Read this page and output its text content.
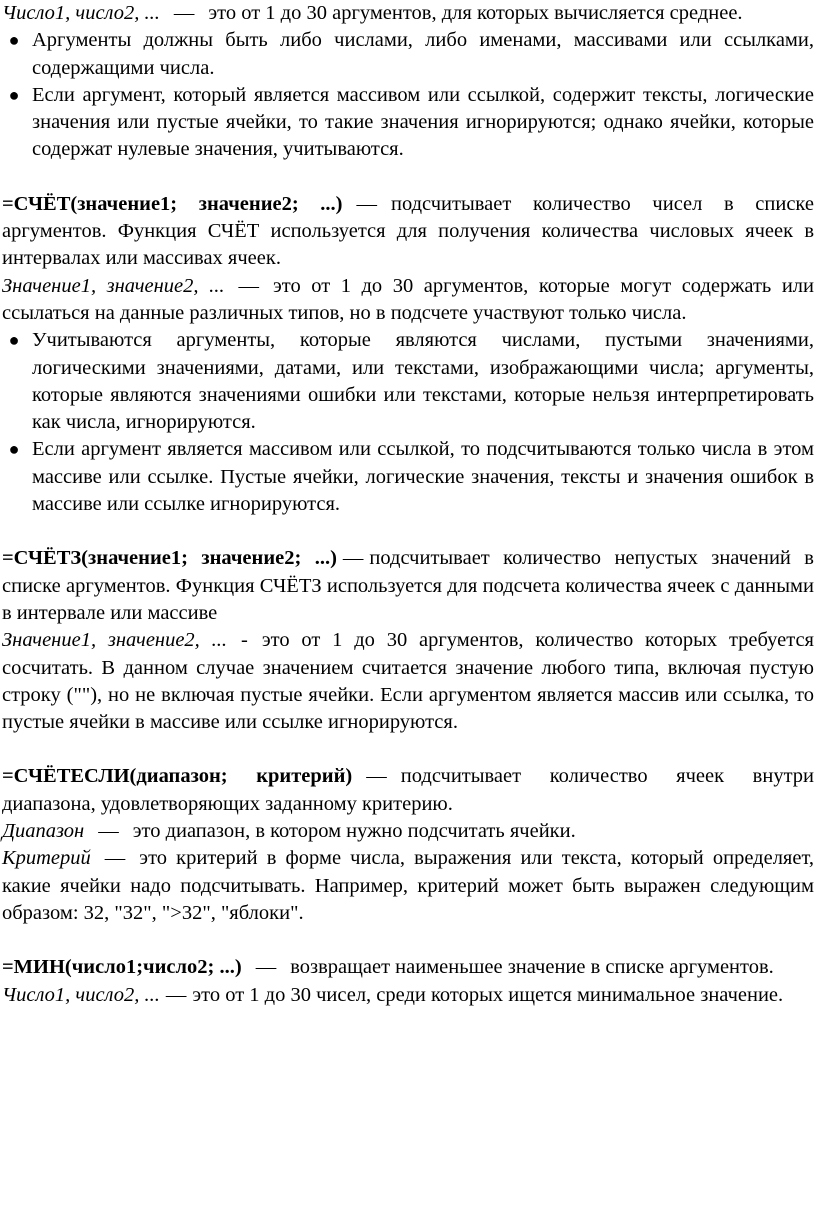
Число1, число2, ... — это от 1 до 30 аргументов, для которых вычисляется среднее.

● Аргументы должны быть либо числами, либо именами, массивами или ссылками, содержащими числа.
● Если аргумент, который является массивом или ссылкой, содержит тексты, логические значения или пустые ячейки, то такие значения игнорируются; однако ячейки, которые содержат нулевые значения, учитываются.

=СЧЁТ(значение1; значение2; ...) — подсчитывает количество чисел в списке аргументов. Функция СЧЁТ используется для получения количества числовых ячеек в интервалах или массивах ячеек.

Значение1, значение2, ... — это от 1 до 30 аргументов, которые могут содержать или ссылаться на данные различных типов, но в подсчете участвуют только числа.

● Учитываются аргументы, которые являются числами, пустыми значениями, логическими значениями, датами, или текстами, изображающими числа; аргументы, которые являются значениями ошибки или текстами, которые нельзя интерпретировать как числа, игнорируются.
● Если аргумент является массивом или ссылкой, то подсчитываются только числа в этом массиве или ссылке. Пустые ячейки, логические значения, тексты и значения ошибок в массиве или ссылке игнорируются.

=СЧЁТЗ(значение1; значение2; ...) — подсчитывает количество непустых значений в списке аргументов. Функция СЧЁТЗ используется для подсчета количества ячеек с данными в интервале или массиве

Значение1, значение2, ... - это от 1 до 30 аргументов, количество которых требуется сосчитать. В данном случае значением считается значение любого типа, включая пустую строку (""), но не включая пустые ячейки. Если аргументом является массив или ссылка, то пустые ячейки в массиве или ссылке игнорируются.

=СЧЁТЕСЛИ(диапазон; критерий) — подсчитывает количество ячеек внутри диапазона, удовлетворяющих заданному критерию.

Диапазон — это диапазон, в котором нужно подсчитать ячейки.

Критерий — это критерий в форме числа, выражения или текста, который определяет, какие ячейки надо подсчитывать. Например, критерий может быть выражен следующим образом: 32, "32", ">32", "яблоки".

=МИН(число1;число2; ...) — возвращает наименьшее значение в списке аргументов.

Число1, число2, ... — это от 1 до 30 чисел, среди которых ищется минимальное значение.
